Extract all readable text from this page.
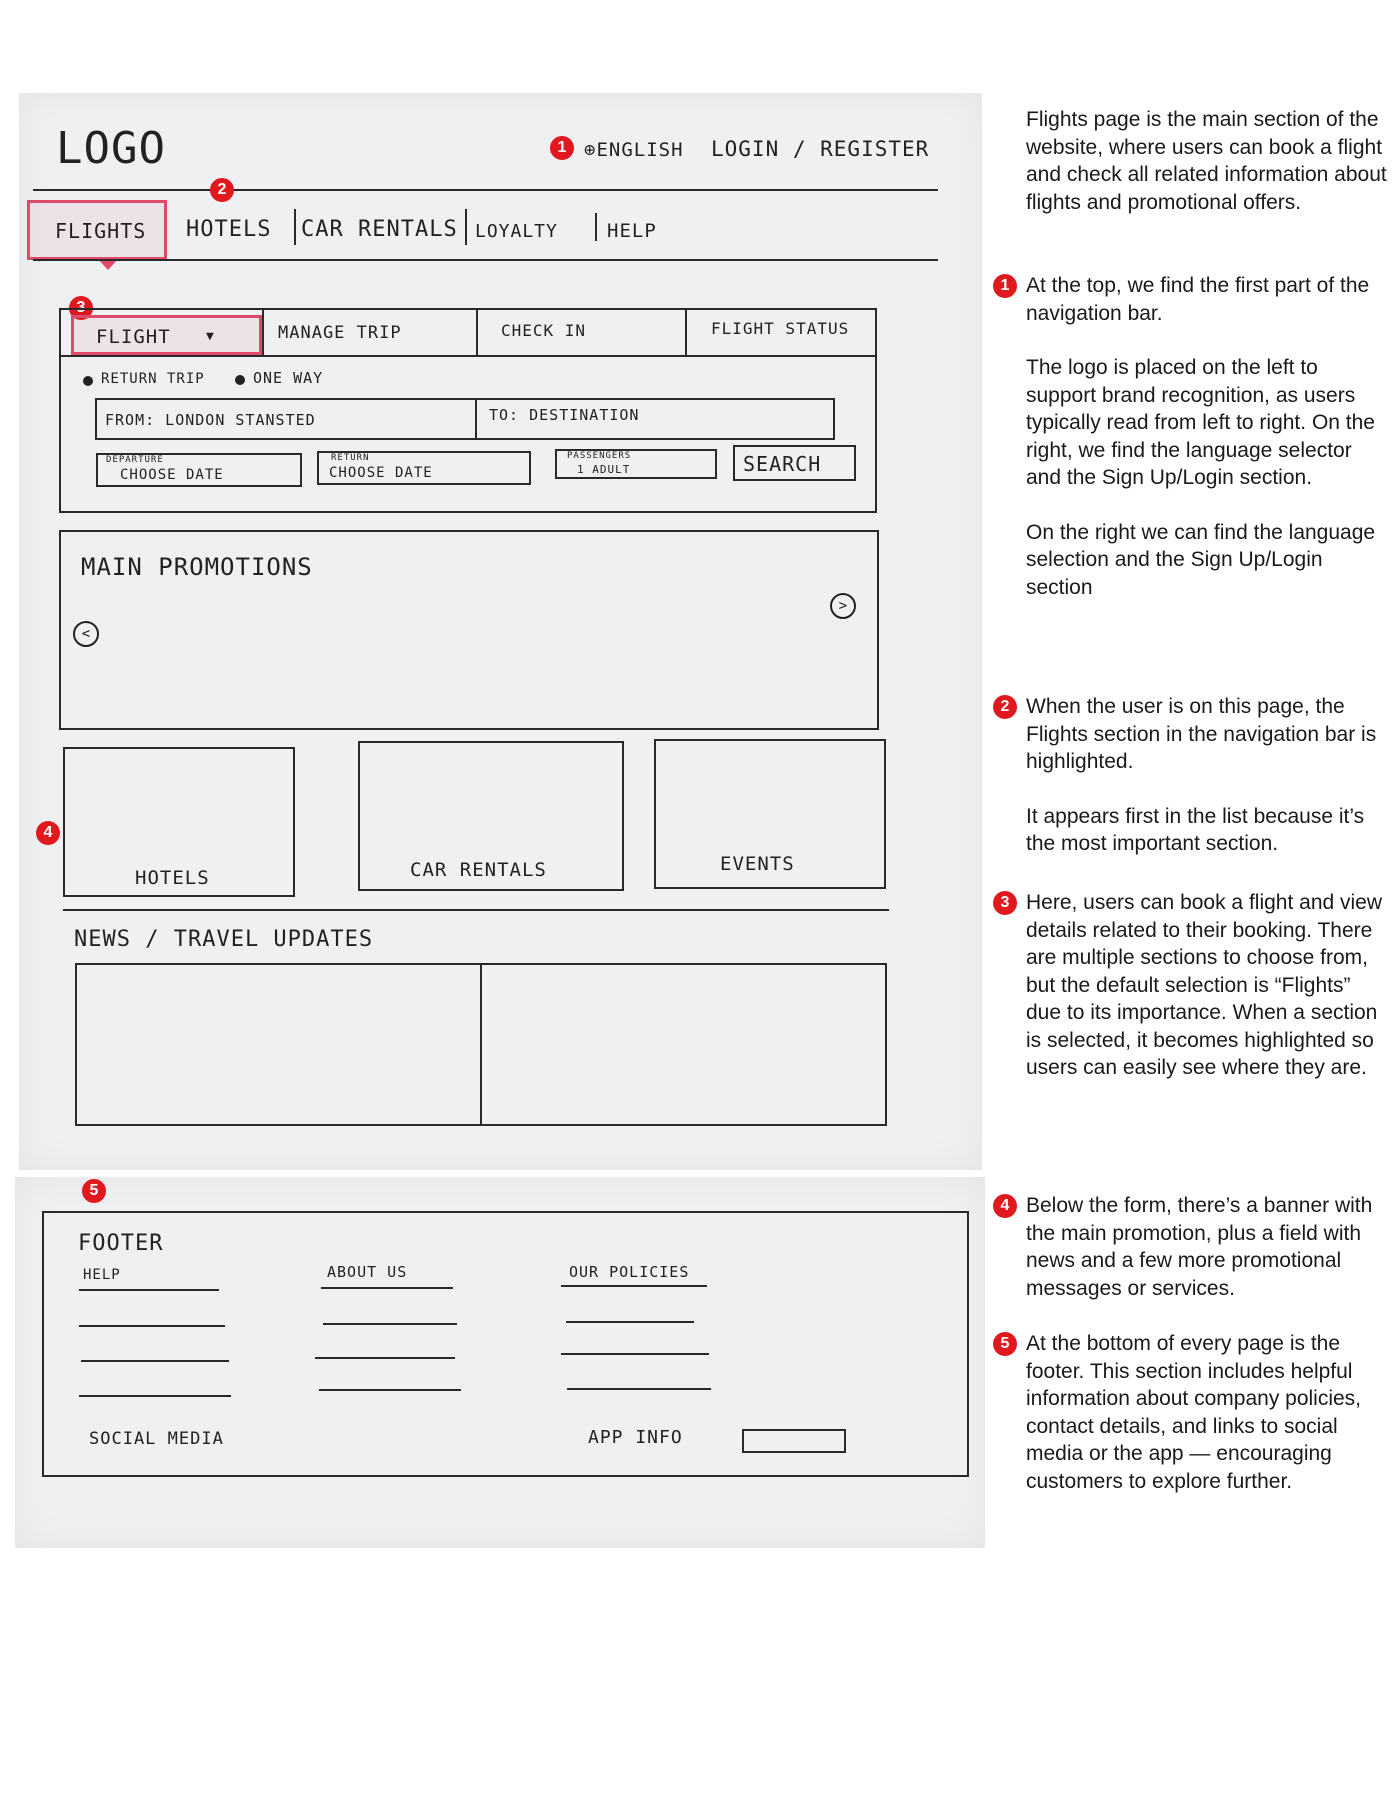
LOGO	1 ⊕ENGLISH LOGIN / REGISTER
2
FLIGHTS HOTELS CAR RENTALS LOYALTY	HELP
3
FLIGHT	▼	MANAGE TRIP	CHECK IN	FLIGHT STATUS
RETURN TRIP	ONE WAY
FROM: LONDON STANSTED	TO: DESTINATION
DEPARTURE
CHOOSE DATE
RETURN
CHOOSE DATE
PASSENGERS
1 ADULT	SEARCH
MAIN PROMOTIONS
<
>
4
HOTELS	CAR RENTALS	EVENTS
NEWS / TRAVEL UPDATES
5
FOOTER
HELP	ABOUT US	OUR POLICIES
SOCIAL MEDIA	APP INFO

Flights page is the main section of the website, where users can book a flight and check all related information about flights and promotional offers.

1 At the top, we find the first part of the navigation bar.

The logo is placed on the left to support brand recognition, as users typically read from left to right. On the right, we find the language selector and the Sign Up/Login section.

On the right we can find the language selection and the Sign Up/Login section

2 When the user is on this page, the Flights section in the navigation bar is highlighted.

It appears first in the list because it’s the most important section.

3 Here, users can book a flight and view details related to their booking. There are multiple sections to choose from, but the default selection is “Flights” due to its importance. When a section is selected, it becomes highlighted so users can easily see where they are.

4 Below the form, there’s a banner with the main promotion, plus a field with news and a few more promotional messages or services.

5 At the bottom of every page is the footer. This section includes helpful information about company policies, contact details, and links to social media or the app — encouraging customers to explore further.
